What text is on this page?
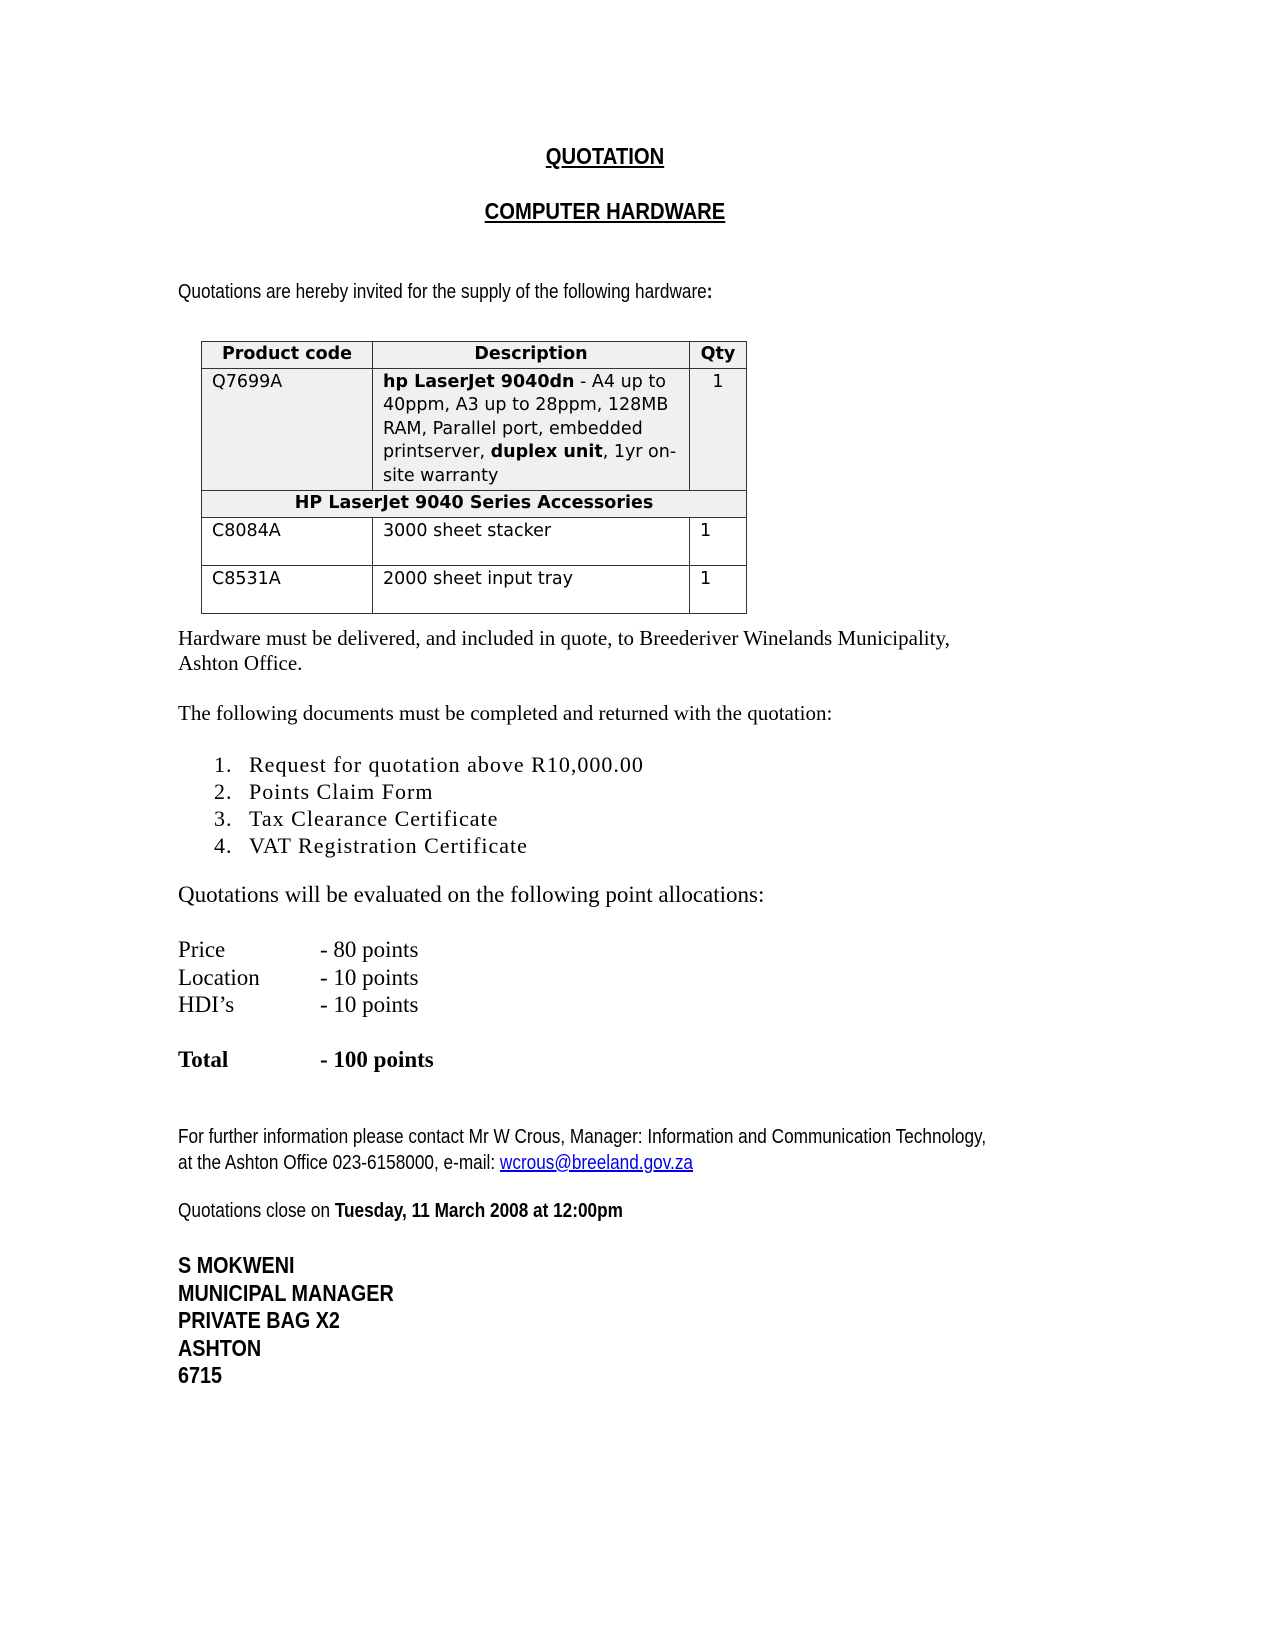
QUOTATION
COMPUTER HARDWARE
Quotations are hereby invited for the supply of the following hardware:
Product code	Description	Qty
Q7699A	hp LaserJet 9040dn - A4 up to 40ppm, A3 up to 28ppm, 128MB RAM, Parallel port, embedded printserver, duplex unit, 1yr on-site warranty	1
HP LaserJet 9040 Series Accessories		
C8084A	3000 sheet stacker	1
C8531A	2000 sheet input tray	1
Hardware must be delivered, and included in quote, to Breederiver Winelands Municipality, Ashton Office.
The following documents must be completed and returned with the quotation:
1. Request for quotation above R10,000.00
2. Points Claim Form
3. Tax Clearance Certificate
4. VAT Registration Certificate
Quotations will be evaluated on the following point allocations:
Price	- 80 points
Location	- 10 points
HDI’s	- 10 points
Total	- 100 points
For further information please contact Mr W Crous, Manager: Information and Communication Technology,
at the Ashton Office 023-6158000, e-mail: wcrous@breeland.gov.za
Quotations close on Tuesday, 11 March 2008 at 12:00pm
S MOKWENI
MUNICIPAL MANAGER
PRIVATE BAG X2
ASHTON
6715
